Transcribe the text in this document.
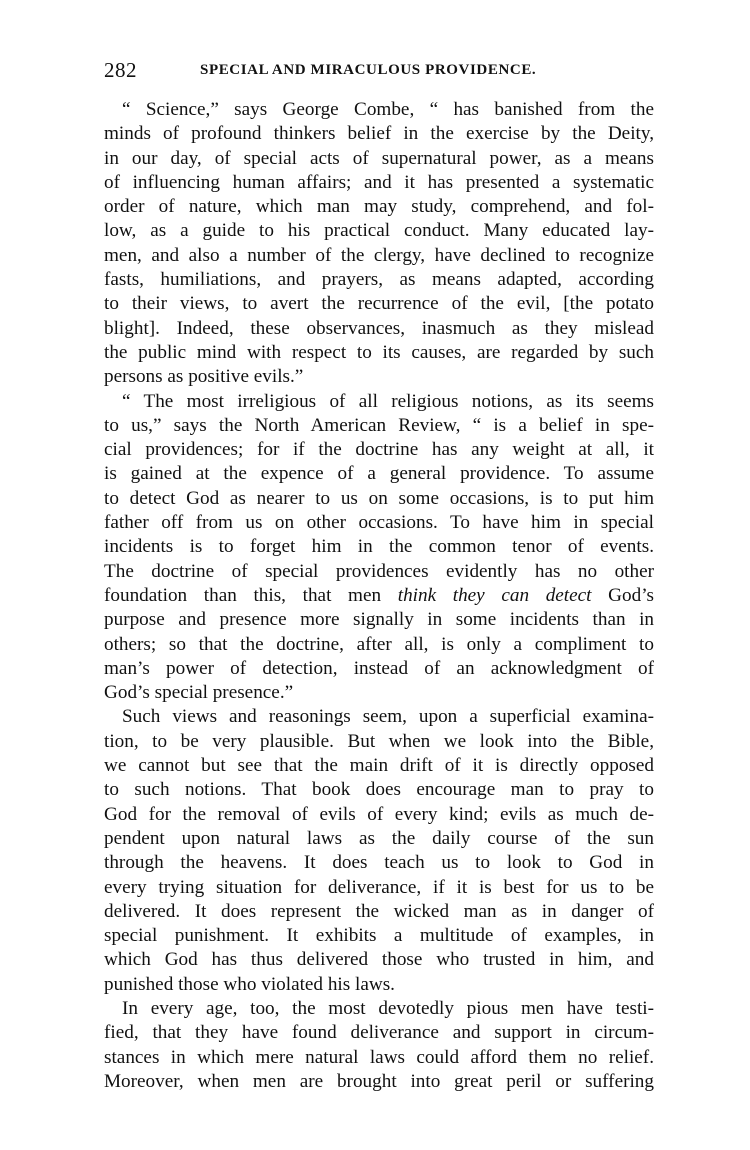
282	SPECIAL AND MIRACULOUS PROVIDENCE.
“ Science,” says George Combe, “ has banished from the
minds of profound thinkers belief in the exercise by the Deity,
in our day, of special acts of supernatural power, as a means
of influencing human affairs; and it has presented a systematic
order of nature, which man may study, comprehend, and fol-
low, as a guide to his practical conduct. Many educated lay-
men, and also a number of the clergy, have declined to recognize
fasts, humiliations, and prayers, as means adapted, according
to their views, to avert the recurrence of the evil, [the potato
blight]. Indeed, these observances, inasmuch as they mislead
the public mind with respect to its causes, are regarded by such
persons as positive evils.”
“ The most irreligious of all religious notions, as its seems
to us,” says the North American Review, “ is a belief in spe-
cial providences; for if the doctrine has any weight at all, it
is gained at the expence of a general providence. To assume
to detect God as nearer to us on some occasions, is to put him
father off from us on other occasions. To have him in special
incidents is to forget him in the common tenor of events.
The doctrine of special providences evidently has no other
foundation than this, that men think they can detect God’s
purpose and presence more signally in some incidents than in
others; so that the doctrine, after all, is only a compliment to
man’s power of detection, instead of an acknowledgment of
God’s special presence.”
Such views and reasonings seem, upon a superficial examina-
tion, to be very plausible. But when we look into the Bible,
we cannot but see that the main drift of it is directly opposed
to such notions. That book does encourage man to pray to
God for the removal of evils of every kind; evils as much de-
pendent upon natural laws as the daily course of the sun
through the heavens. It does teach us to look to God in
every trying situation for deliverance, if it is best for us to be
delivered. It does represent the wicked man as in danger of
special punishment. It exhibits a multitude of examples, in
which God has thus delivered those who trusted in him, and
punished those who violated his laws.
In every age, too, the most devotedly pious men have testi-
fied, that they have found deliverance and support in circum-
stances in which mere natural laws could afford them no relief.
Moreover, when men are brought into great peril or suffering
